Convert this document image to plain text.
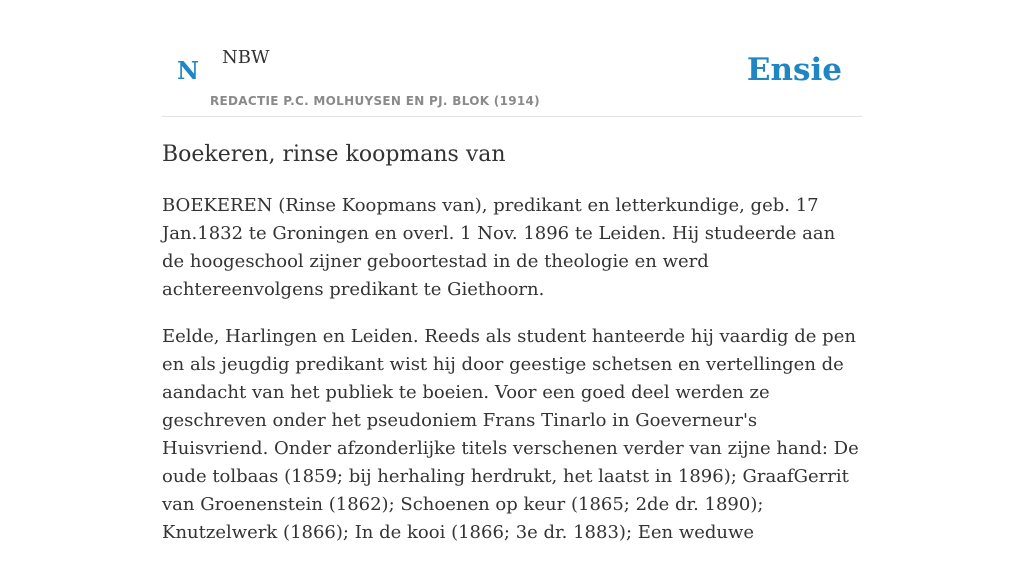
N NBW
REDACTIE P.C. MOLHUYSEN EN PJ. BLOK (1914)
Ensie
Boekeren, rinse koopmans van

BOEKEREN (Rinse Koopmans van), predikant en letterkundige, geb. 17 Jan.1832 te Groningen en overl. 1 Nov. 1896 te Leiden. Hij studeerde aan de hoogeschool zijner geboortestad in de theologie en werd achtereenvolgens predikant te Giethoorn.

Eelde, Harlingen en Leiden. Reeds als student hanteerde hij vaardig de pen en als jeugdig predikant wist hij door geestige schetsen en vertellingen de aandacht van het publiek te boeien. Voor een goed deel werden ze geschreven onder het pseudoniem Frans Tinarlo in Goeverneur's Huisvriend. Onder afzonderlijke titels verschenen verder van zijne hand: De oude tolbaas (1859; bij herhaling herdrukt, het laatst in 1896); GraafGerrit van Groenenstein (1862); Schoenen op keur (1865; 2de dr. 1890); Knutzelwerk (1866); In de kooi (1866; 3e dr. 1883); Een weduwe
